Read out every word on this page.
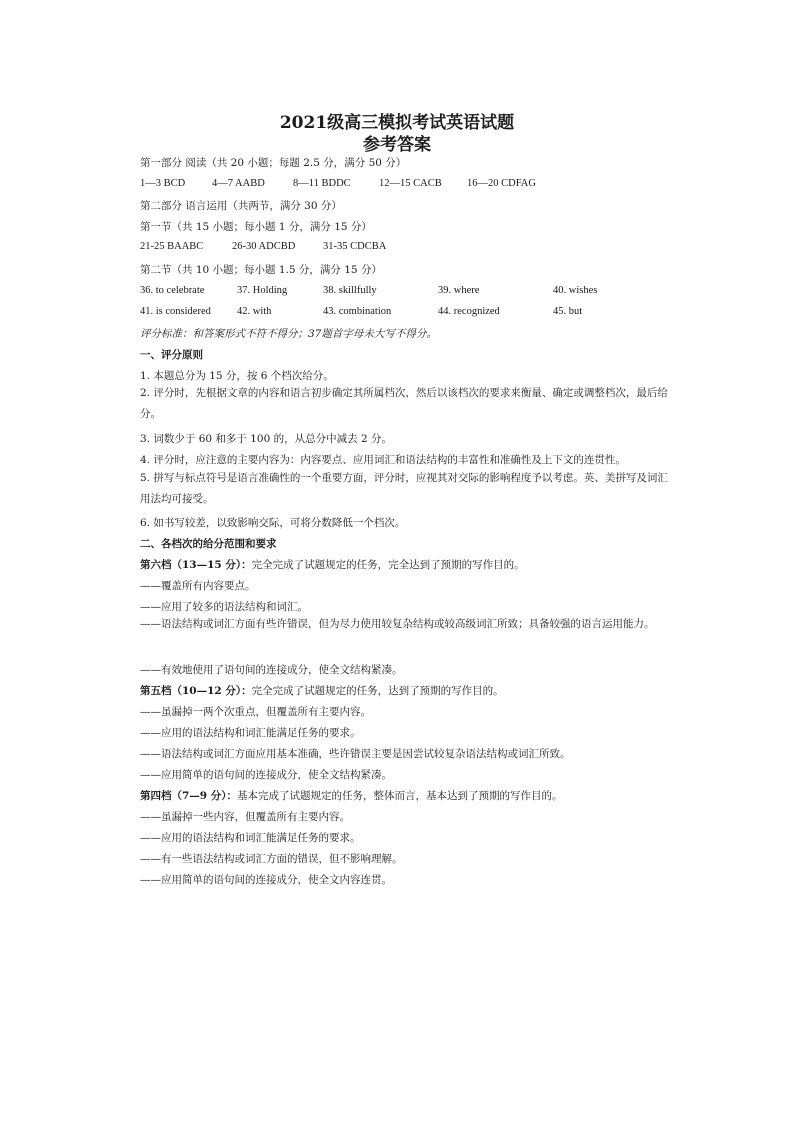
2021级高三模拟考试英语试题
参考答案
第一部分 阅读（共 20 小题；每题 2.5 分，满分 50 分）
1—3 BCD	4—7 AABD	8—11 BDDC	12—15 CACB 16—20 CDFAG
第二部分 语言运用（共两节，满分 30 分）
第一节（共 15 小题；每小题 1 分，满分 15 分）
21-25 BAABC	26-30 ADCBD	31-35 CDCBA
第二节（共 10 小题；每小题 1.5 分，满分 15 分）
36. to celebrate	37. Holding	38. skillfully	39. where	40. wishes
41. is considered 42. with	43. combination	44. recognized	45. but
评分标准：和答案形式不符不得分；37题首字母未大写不得分。
一、评分原则
1. 本题总分为 15 分，按 6 个档次给分。
2. 评分时，先根据文章的内容和语言初步确定其所属档次，然后以该档次的要求来衡量、确定或调整档次，最后给分。
3. 词数少于 60 和多于 100 的，从总分中减去 2 分。
4. 评分时，应注意的主要内容为：内容要点、应用词汇和语法结构的丰富性和准确性及上下文的连贯性。
5. 拼写与标点符号是语言准确性的一个重要方面，评分时，应视其对交际的影响程度予以考虑。英、美拼写及词汇用法均可接受。
6. 如书写较差，以致影响交际，可将分数降低一个档次。
二、各档次的给分范围和要求
第六档（13—15 分）：完全完成了试题规定的任务，完全达到了预期的写作目的。
——覆盖所有内容要点。
——应用了较多的语法结构和词汇。
——语法结构或词汇方面有些许错误，但为尽力使用较复杂结构或较高级词汇所致；具备较强的语言运用能力。
——有效地使用了语句间的连接成分，使全文结构紧凑。
第五档（10—12 分）：完全完成了试题规定的任务，达到了预期的写作目的。
——虽漏掉一两个次重点，但覆盖所有主要内容。
——应用的语法结构和词汇能满足任务的要求。
——语法结构或词汇方面应用基本准确，些许错误主要是因尝试较复杂语法结构或词汇所致。
——应用简单的语句间的连接成分，使全文结构紧凑。
第四档（7—9 分）：基本完成了试题规定的任务，整体而言，基本达到了预期的写作目的。
——虽漏掉一些内容，但覆盖所有主要内容。
——应用的语法结构和词汇能满足任务的要求。
——有一些语法结构或词汇方面的错误，但不影响理解。
——应用简单的语句间的连接成分，使全文内容连贯。
